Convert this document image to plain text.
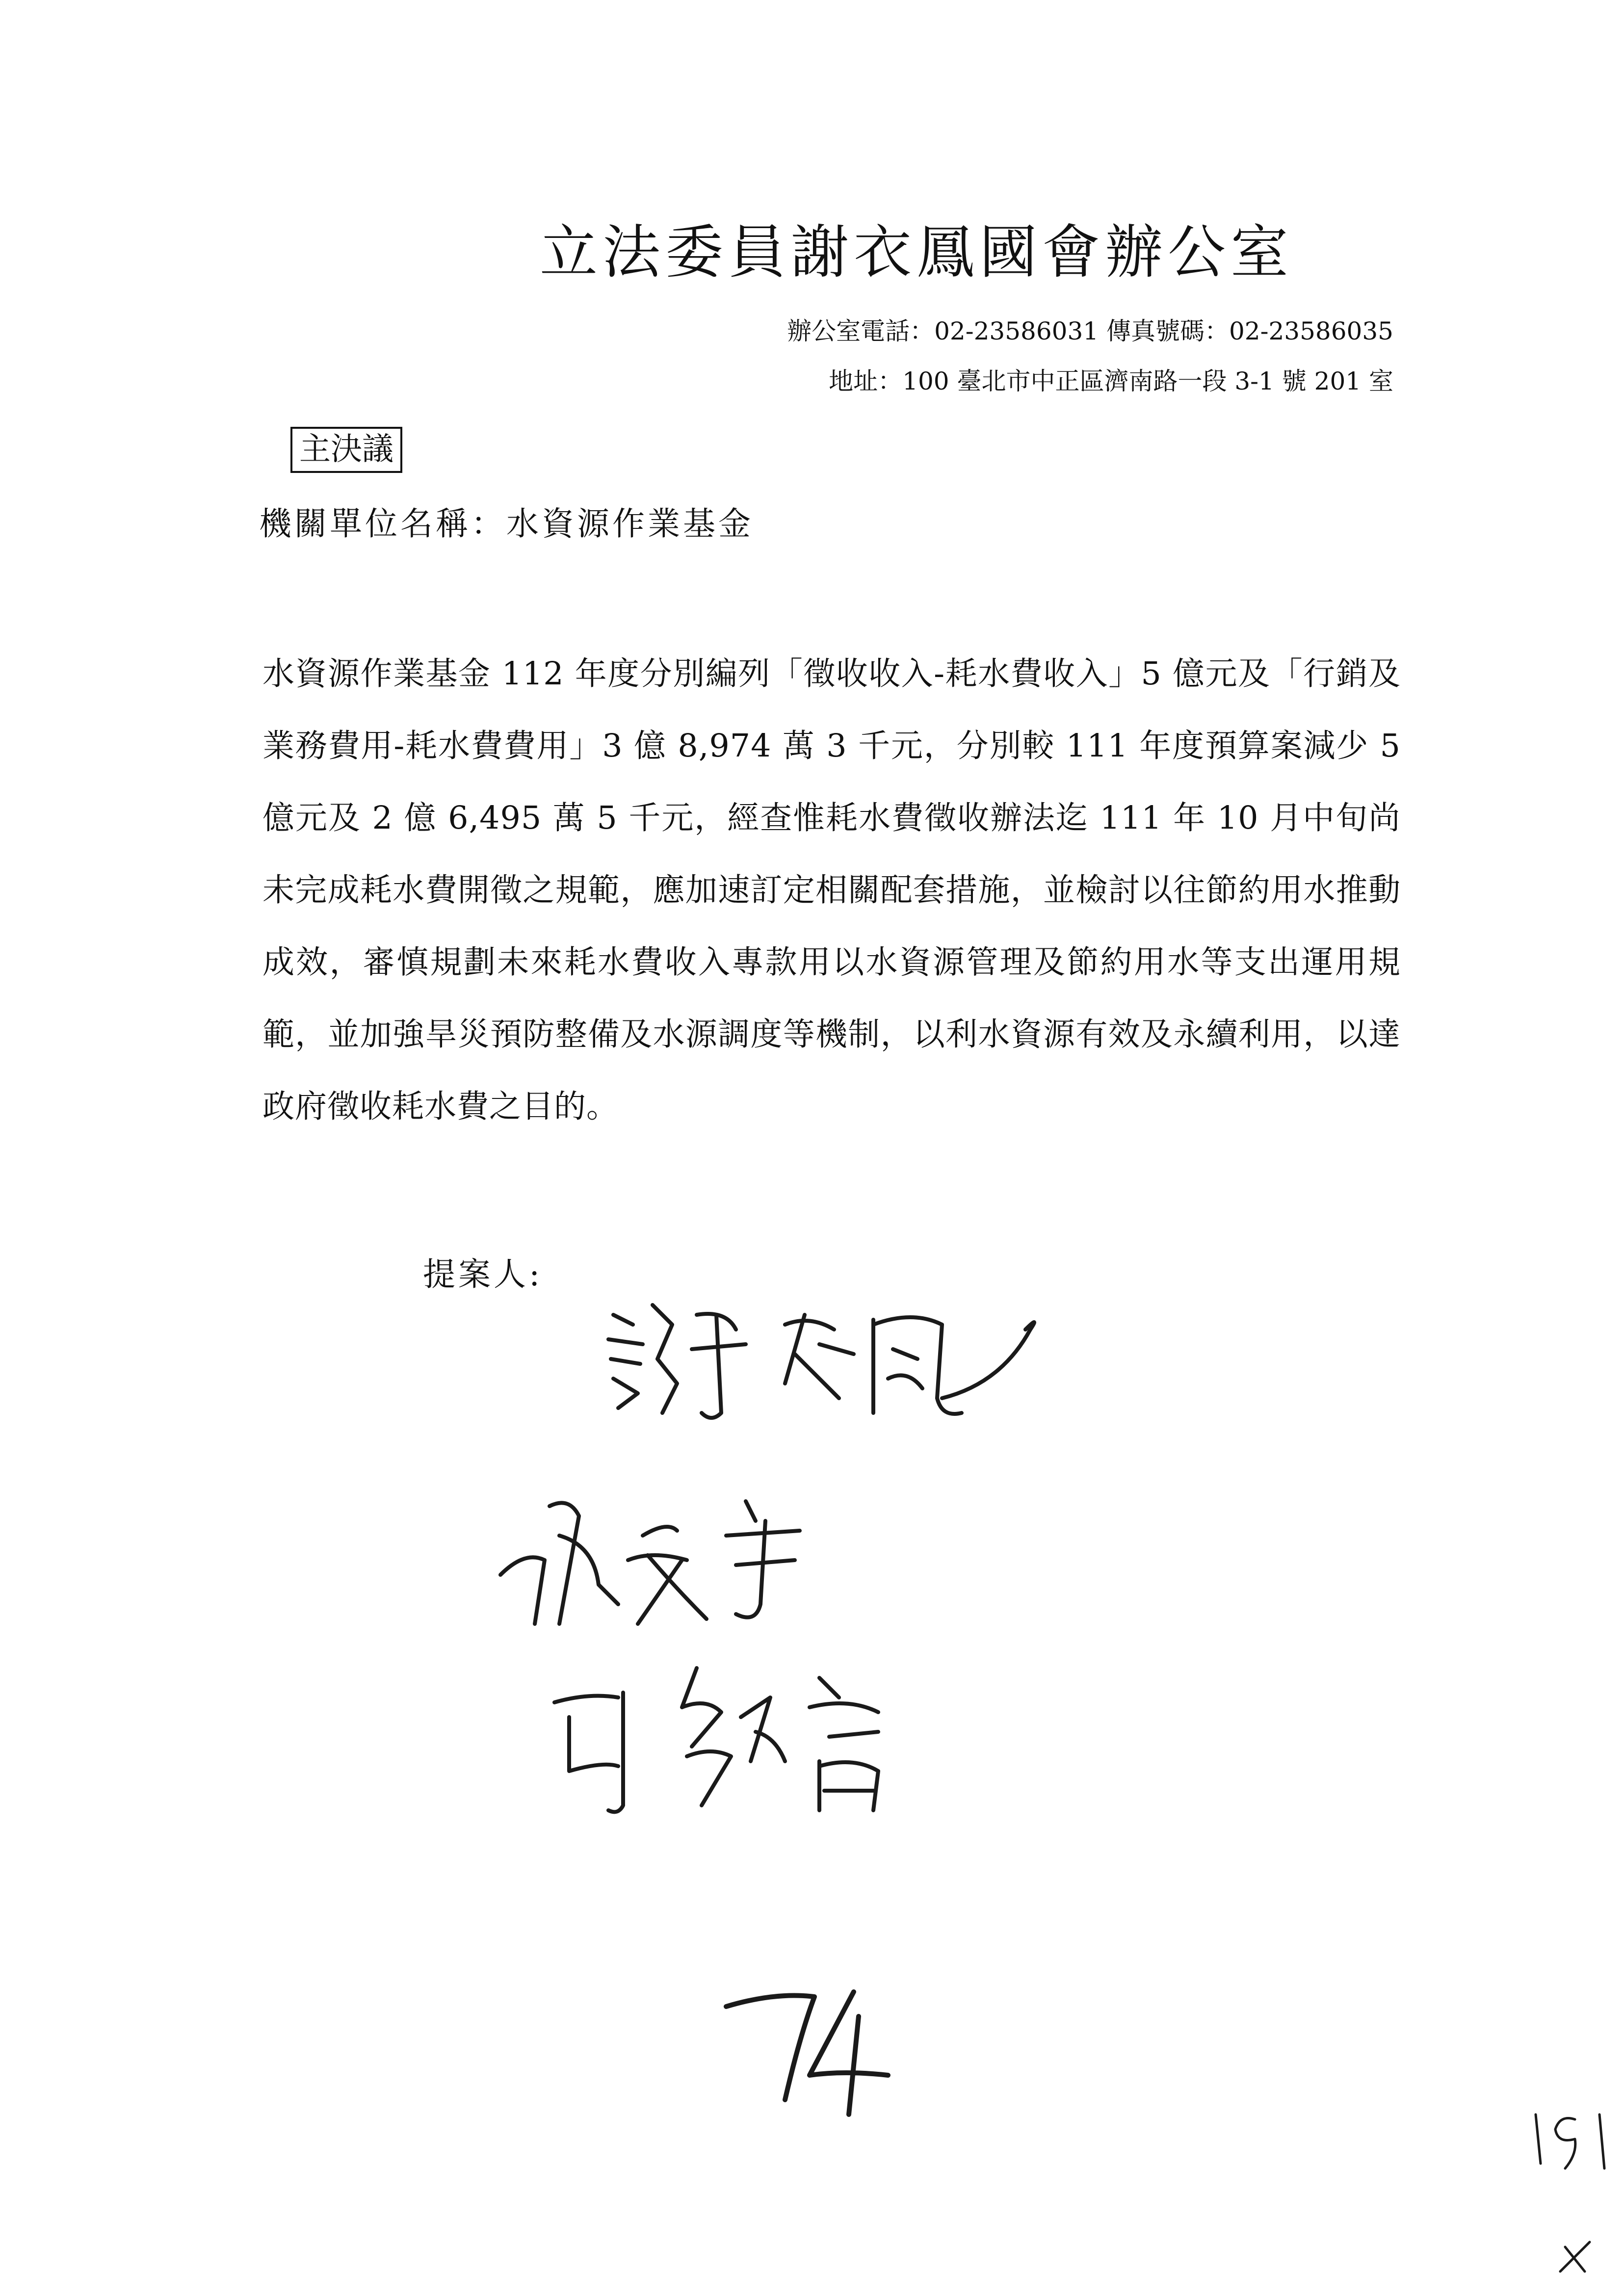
立法委員謝衣鳳國會辦公室
辦公室電話：02-23586031 傳真號碼：02-23586035
地址：100 臺北市中正區濟南路一段 3-1 號 201 室
主決議
機關單位名稱：水資源作業基金

水資源作業基金 112 年度分別編列「徵收收入-耗水費收入」5 億元及「行銷及業務費用-耗水費費用」3 億 8,974 萬 3 千元，分別較 111 年度預算案減少 5 億元及 2 億 6,495 萬 5 千元，經查惟耗水費徵收辦法迄 111 年 10 月中旬尚未完成耗水費開徵之規範，應加速訂定相關配套措施，並檢討以往節約用水推動成效，審慎規劃未來耗水費收入專款用以水資源管理及節約用水等支出運用規範，並加強旱災預防整備及水源調度等機制，以利水資源有效及永續利用，以達政府徵收耗水費之目的。

提案人:
